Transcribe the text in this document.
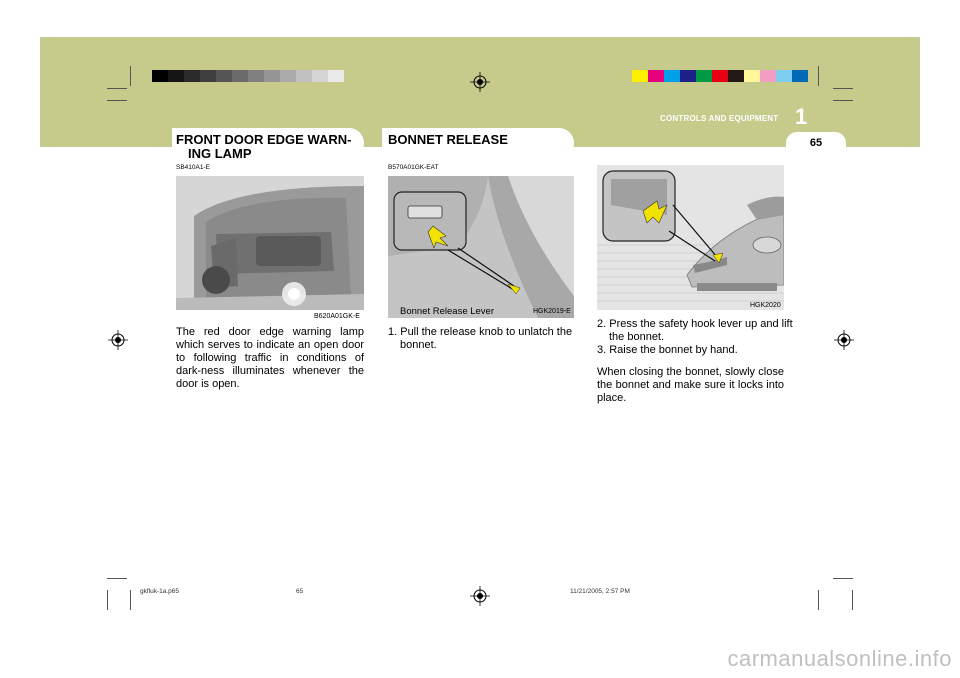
CONTROLS AND EQUIPMENT 1
65
FRONT DOOR EDGE WARN-
ING LAMP
SB410A1-E
B620A01GK-E
The red door edge warning lamp which serves to indicate an open door to following traffic in conditions of dark-ness illuminates whenever the door is open.
BONNET RELEASE
B570A01GK-EAT
Bonnet Release Lever	HGK2019-E
1. Pull the release knob to unlatch the bonnet.
HGK2020
2. Press the safety hook lever up and lift the bonnet.
3. Raise the bonnet by hand.
When closing the bonnet, slowly close the bonnet and make sure it locks into place.
gkfluk-1a.p65	65	11/21/2005, 2:57 PM
carmanualsonline.info
